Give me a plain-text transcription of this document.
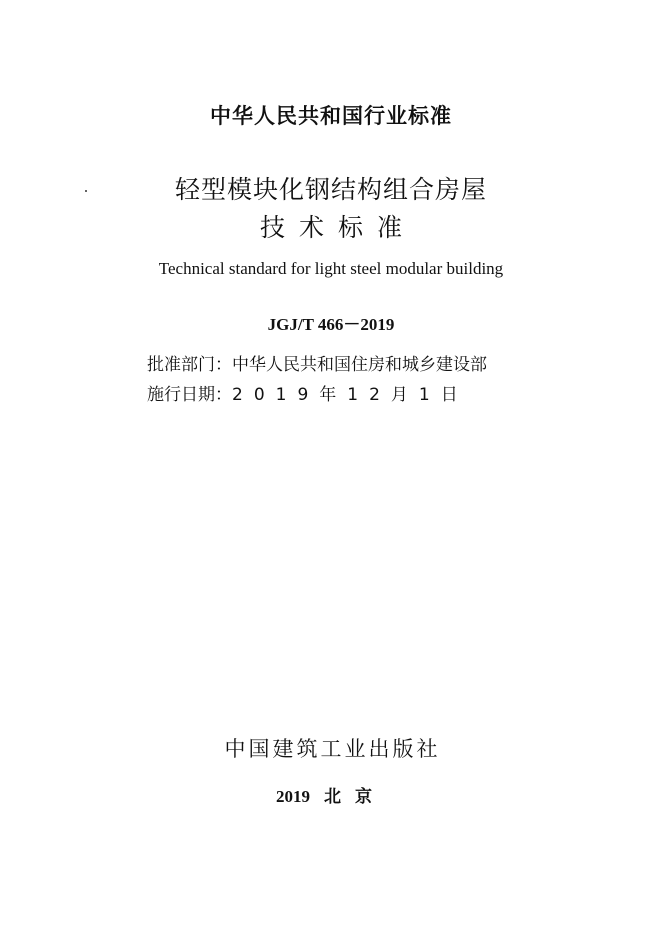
中华人民共和国行业标准
轻型模块化钢结构组合房屋
技术标准
Technical standard for light steel modular building
JGJ/T 466－2019
批准部门：中华人民共和国住房和城乡建设部
施行日期：2019年12月1日
中国建筑工业出版社
2019 北京
